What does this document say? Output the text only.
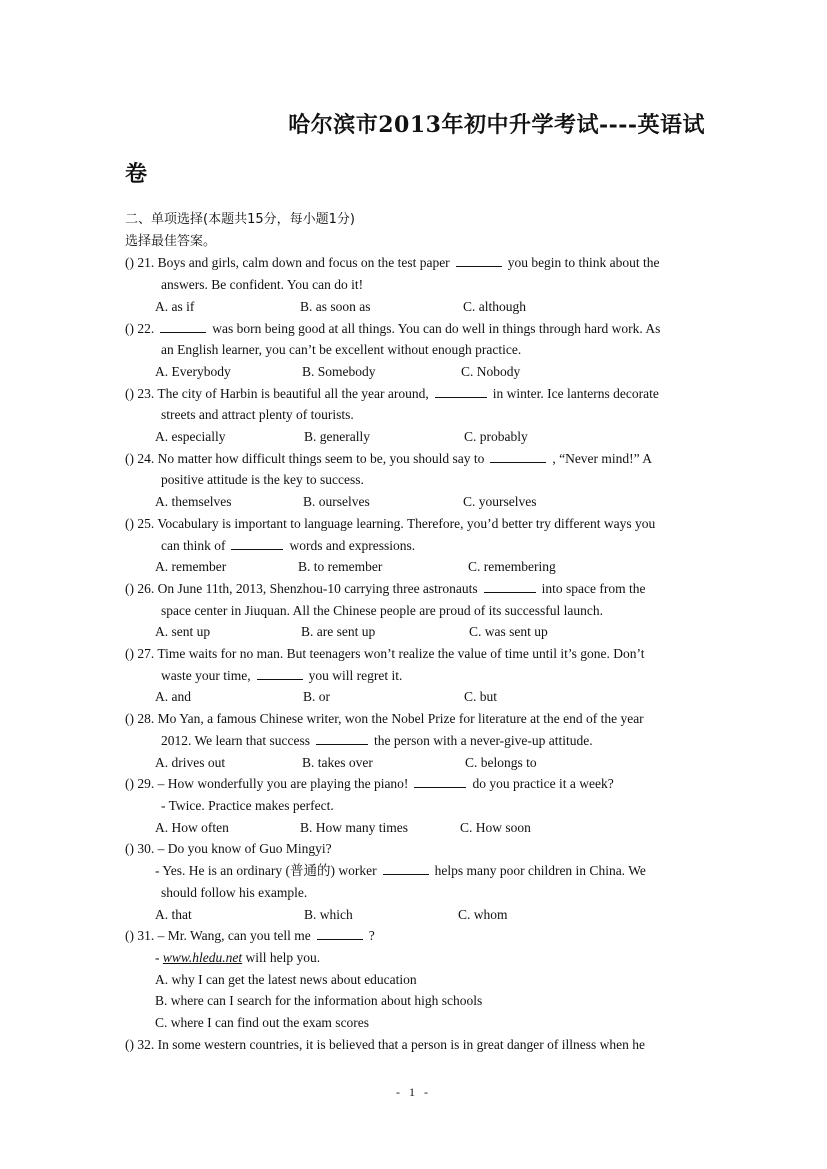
哈尔滨市2013年初中升学考试----英语试
卷
二、单项选择(本题共15分，每小题1分)
选择最佳答案。
() 21. Boys and girls, calm down and focus on the test paper	you begin to think about the
answers. Be confident. You can do it!
A. as if	B. as soon as	C. although
() 22.	was born being good at all things. You can do well in things through hard work. As
an English learner, you can’t be excellent without enough practice.
A. Everybody	B. Somebody	C. Nobody
() 23. The city of Harbin is beautiful all the year around,	in winter. Ice lanterns decorate
streets and attract plenty of tourists.
A. especially	B. generally	C. probably
() 24. No matter how difficult things seem to be, you should say to	, “Never mind!” A
positive attitude is the key to success.
A. themselves	B. ourselves	C. yourselves
() 25. Vocabulary is important to language learning. Therefore, you’d better try different ways you
can think of	words and expressions.
A. remember	B. to remember	C. remembering
() 26. On June 11th, 2013, Shenzhou-10 carrying three astronauts	into space from the
space center in Jiuquan. All the Chinese people are proud of its successful launch.
A. sent up	B. are sent up	C. was sent up
() 27. Time waits for no man. But teenagers won’t realize the value of time until it’s gone. Don’t
waste your time,	you will regret it.
A. and	B. or	C. but
() 28. Mo Yan, a famous Chinese writer, won the Nobel Prize for literature at the end of the year
2012. We learn that success	the person with a never-give-up attitude.
A. drives out	B. takes over	C. belongs to
() 29. – How wonderfully you are playing the piano!	do you practice it a week?
- Twice. Practice makes perfect.
A. How often	B. How many times	C. How soon
() 30. – Do you know of Guo Mingyi?
- Yes. He is an ordinary (普通的) worker	helps many poor children in China. We
should follow his example.
A. that	B. which	C. whom
() 31. – Mr. Wang, can you tell me	?
- www.hledu.net will help you.
A. why I can get the latest news about education
B. where can I search for the information about high schools
C. where I can find out the exam scores
() 32. In some western countries, it is believed that a person is in great danger of illness when he
- 1 -
